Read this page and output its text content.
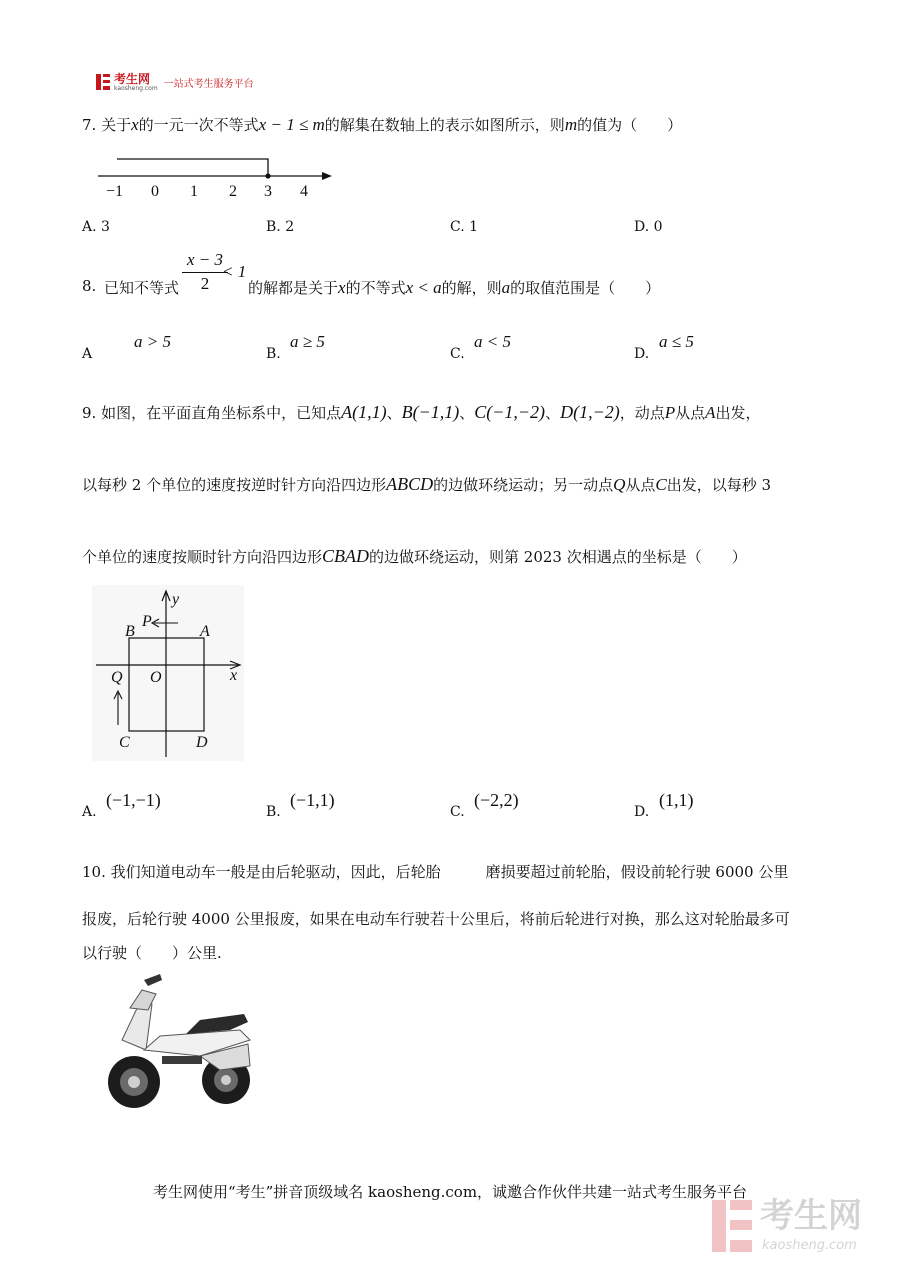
考生网
kaosheng.com 一站式考生服务平台
7. 关于x的一元一次不等式x − 1 ≤ m的解集在数轴上的表示如图所示，则m的值为（　　）
−1 0 1 2 3 4
A. 3	B. 2	C. 1	D. 0
8. 已知不等式
x − 3
2
< 1
的解都是关于x的不等式x < a的解，则a的取值范围是（　　）
A
a > 5
B.
a ≥ 5
C.
a < 5
D.
a ≤ 5
9. 如图，在平面直角坐标系中，已知点A(1,1)、B(−1,1)、C(−1,−2)、D(1,−2)，动点P从点A出发，
以每秒 2 个单位的速度按逆时针方向沿四边形ABCD的边做环绕运动；另一动点Q从点C出发，以每秒 3
个单位的速度按顺时针方向沿四边形CBAD的边做环绕运动，则第 2023 次相遇点的坐标是（　　）
y
x
P
A
B
Q O
C	D
A.
(−1,−1)
B.
(−1,1)
C.
(−2,2)
D.
(1,1)
10. 我们知道电动车一般是由后轮驱动，因此，后轮胎　　　磨损要超过前轮胎，假设前轮行驶 6000 公里
报废，后轮行驶 4000 公里报废，如果在电动车行驶若十公里后，将前后轮进行对换，那么这对轮胎最多可
以行驶（　　）公里.
考生网使用“考生”拼音顶级域名 kaosheng.com，诚邀合作伙伴共建一站式考生服务平台
考生网
kaosheng.com
